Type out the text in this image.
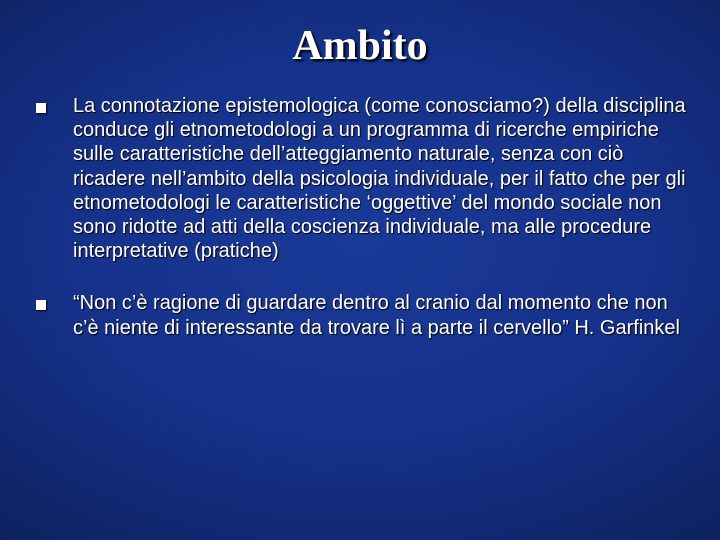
Ambito
La connotazione epistemologica (come conosciamo?) della disciplina conduce gli etnometodologi a un programma di ricerche empiriche sulle caratteristiche dell’atteggiamento naturale, senza con ciò ricadere nell’ambito della psicologia individuale, per il fatto che per gli etnometodologi le caratteristiche ‘oggettive’ del mondo sociale non sono ridotte ad atti della coscienza individuale, ma alle procedure interpretative (pratiche)
“Non c’è ragione di guardare dentro al cranio dal momento che non c’è niente di interessante da trovare lì a parte il cervello” H. Garfinkel
